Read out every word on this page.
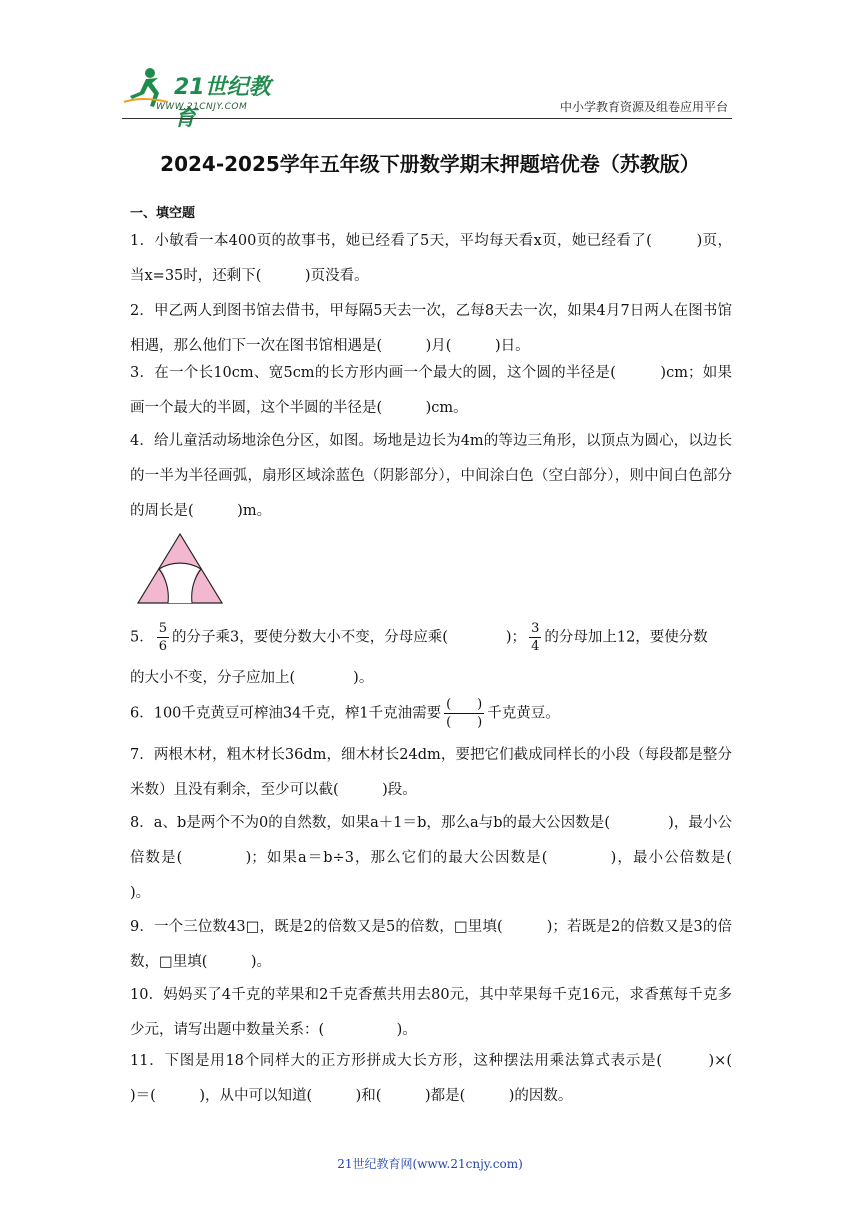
21世纪教育
WWW.21CNJY.COM	中小学教育资源及组卷应用平台
2024-2025学年五年级下册数学期末押题培优卷（苏教版）
一、填空题
1．小敏看一本400页的故事书，她已经看了5天，平均每天看x页，她已经看了(　　　)页，当x=35时，还剩下(　　　)页没看。
2．甲乙两人到图书馆去借书，甲每隔5天去一次，乙每8天去一次，如果4月7日两人在图书馆相遇，那么他们下一次在图书馆相遇是(　　　)月(　　　)日。
3．在一个长10cm、宽5cm的长方形内画一个最大的圆，这个圆的半径是(　　　)cm；如果画一个最大的半圆，这个半圆的半径是(　　　)cm。
4．给儿童活动场地涂色分区，如图。场地是边长为4m的等边三角形，以顶点为圆心，以边长的一半为半径画弧，扇形区域涂蓝色（阴影部分），中间涂白色（空白部分），则中间白色部分的周长是(　　　)m。
5． $\frac{5}{6}$ 的分子乘3，要使分数大小不变，分母应乘(　　　　)； $\frac{3}{4}$ 的分母加上12，要使分数
的大小不变，分子应加上(　　　　)。
6．100千克黄豆可榨油34千克，榨1千克油需要 $\frac{( )}{( )}$ 千克黄豆。
7．两根木材，粗木材长36dm，细木材长24dm，要把它们截成同样长的小段（每段都是整分米数）且没有剩余，至少可以截(　　　)段。
8．a、b是两个不为0的自然数，如果a＋1＝b，那么a与b的最大公因数是(　　　　)，最小公倍数是(　　　　)；如果a＝b÷3，那么它们的最大公因数是(　　　　)，最小公倍数是(　　　　)。
9．一个三位数43□，既是2的倍数又是5的倍数，□里填(　　　)；若既是2的倍数又是3的倍数，□里填(　　　)。
10．妈妈买了4千克的苹果和2千克香蕉共用去80元，其中苹果每千克16元，求香蕉每千克多少元，请写出题中数量关系：(　　　　　)。
11．下图是用18个同样大的正方形拼成大长方形，这种摆法用乘法算式表示是(　　　)×(　　　)＝(　　　)，从中可以知道(　　　)和(　　　)都是(　　　)的因数。
21世纪教育网(www.21cnjy.com)
